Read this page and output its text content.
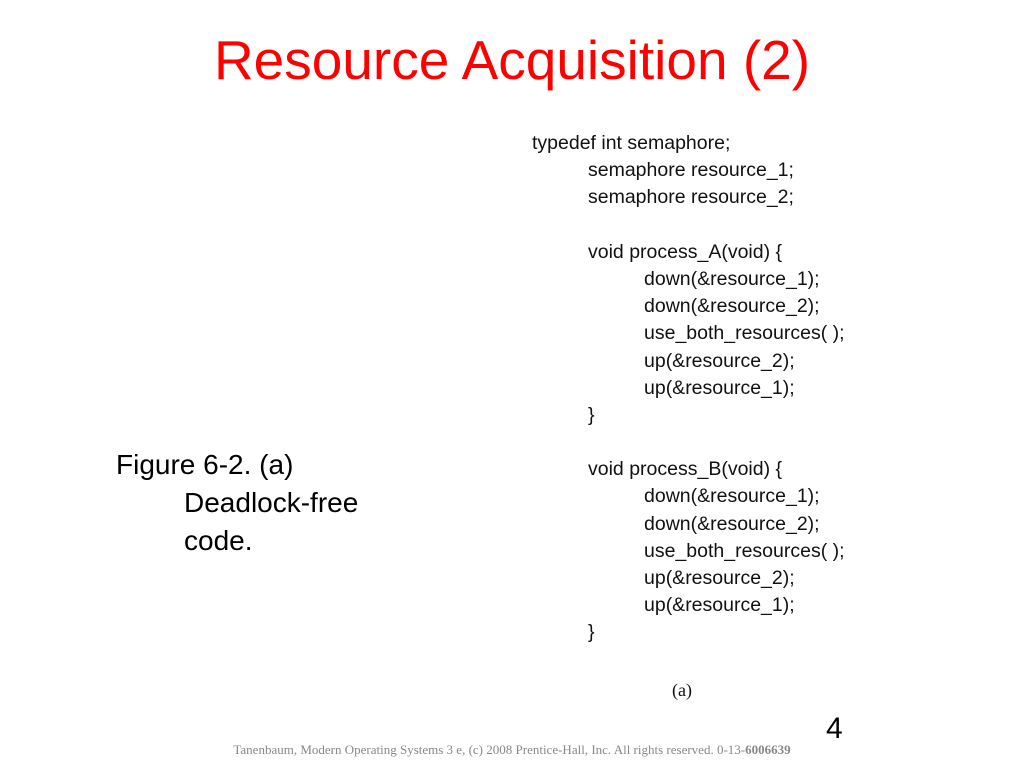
Resource Acquisition (2)
typedef int semaphore;
semaphore resource_1;
semaphore resource_2;
void process_A(void) {
down(&resource_1);
down(&resource_2);
use_both_resources( );
up(&resource_2);
up(&resource_1);
}
void process_B(void) {
down(&resource_1);
down(&resource_2);
use_both_resources( );
up(&resource_2);
up(&resource_1);
}
(a)
Figure 6-2. (a)
Deadlock-free
code.
4
Tanenbaum, Modern Operating Systems 3 e, (c) 2008 Prentice-Hall, Inc. All rights reserved. 0-13-6006639
